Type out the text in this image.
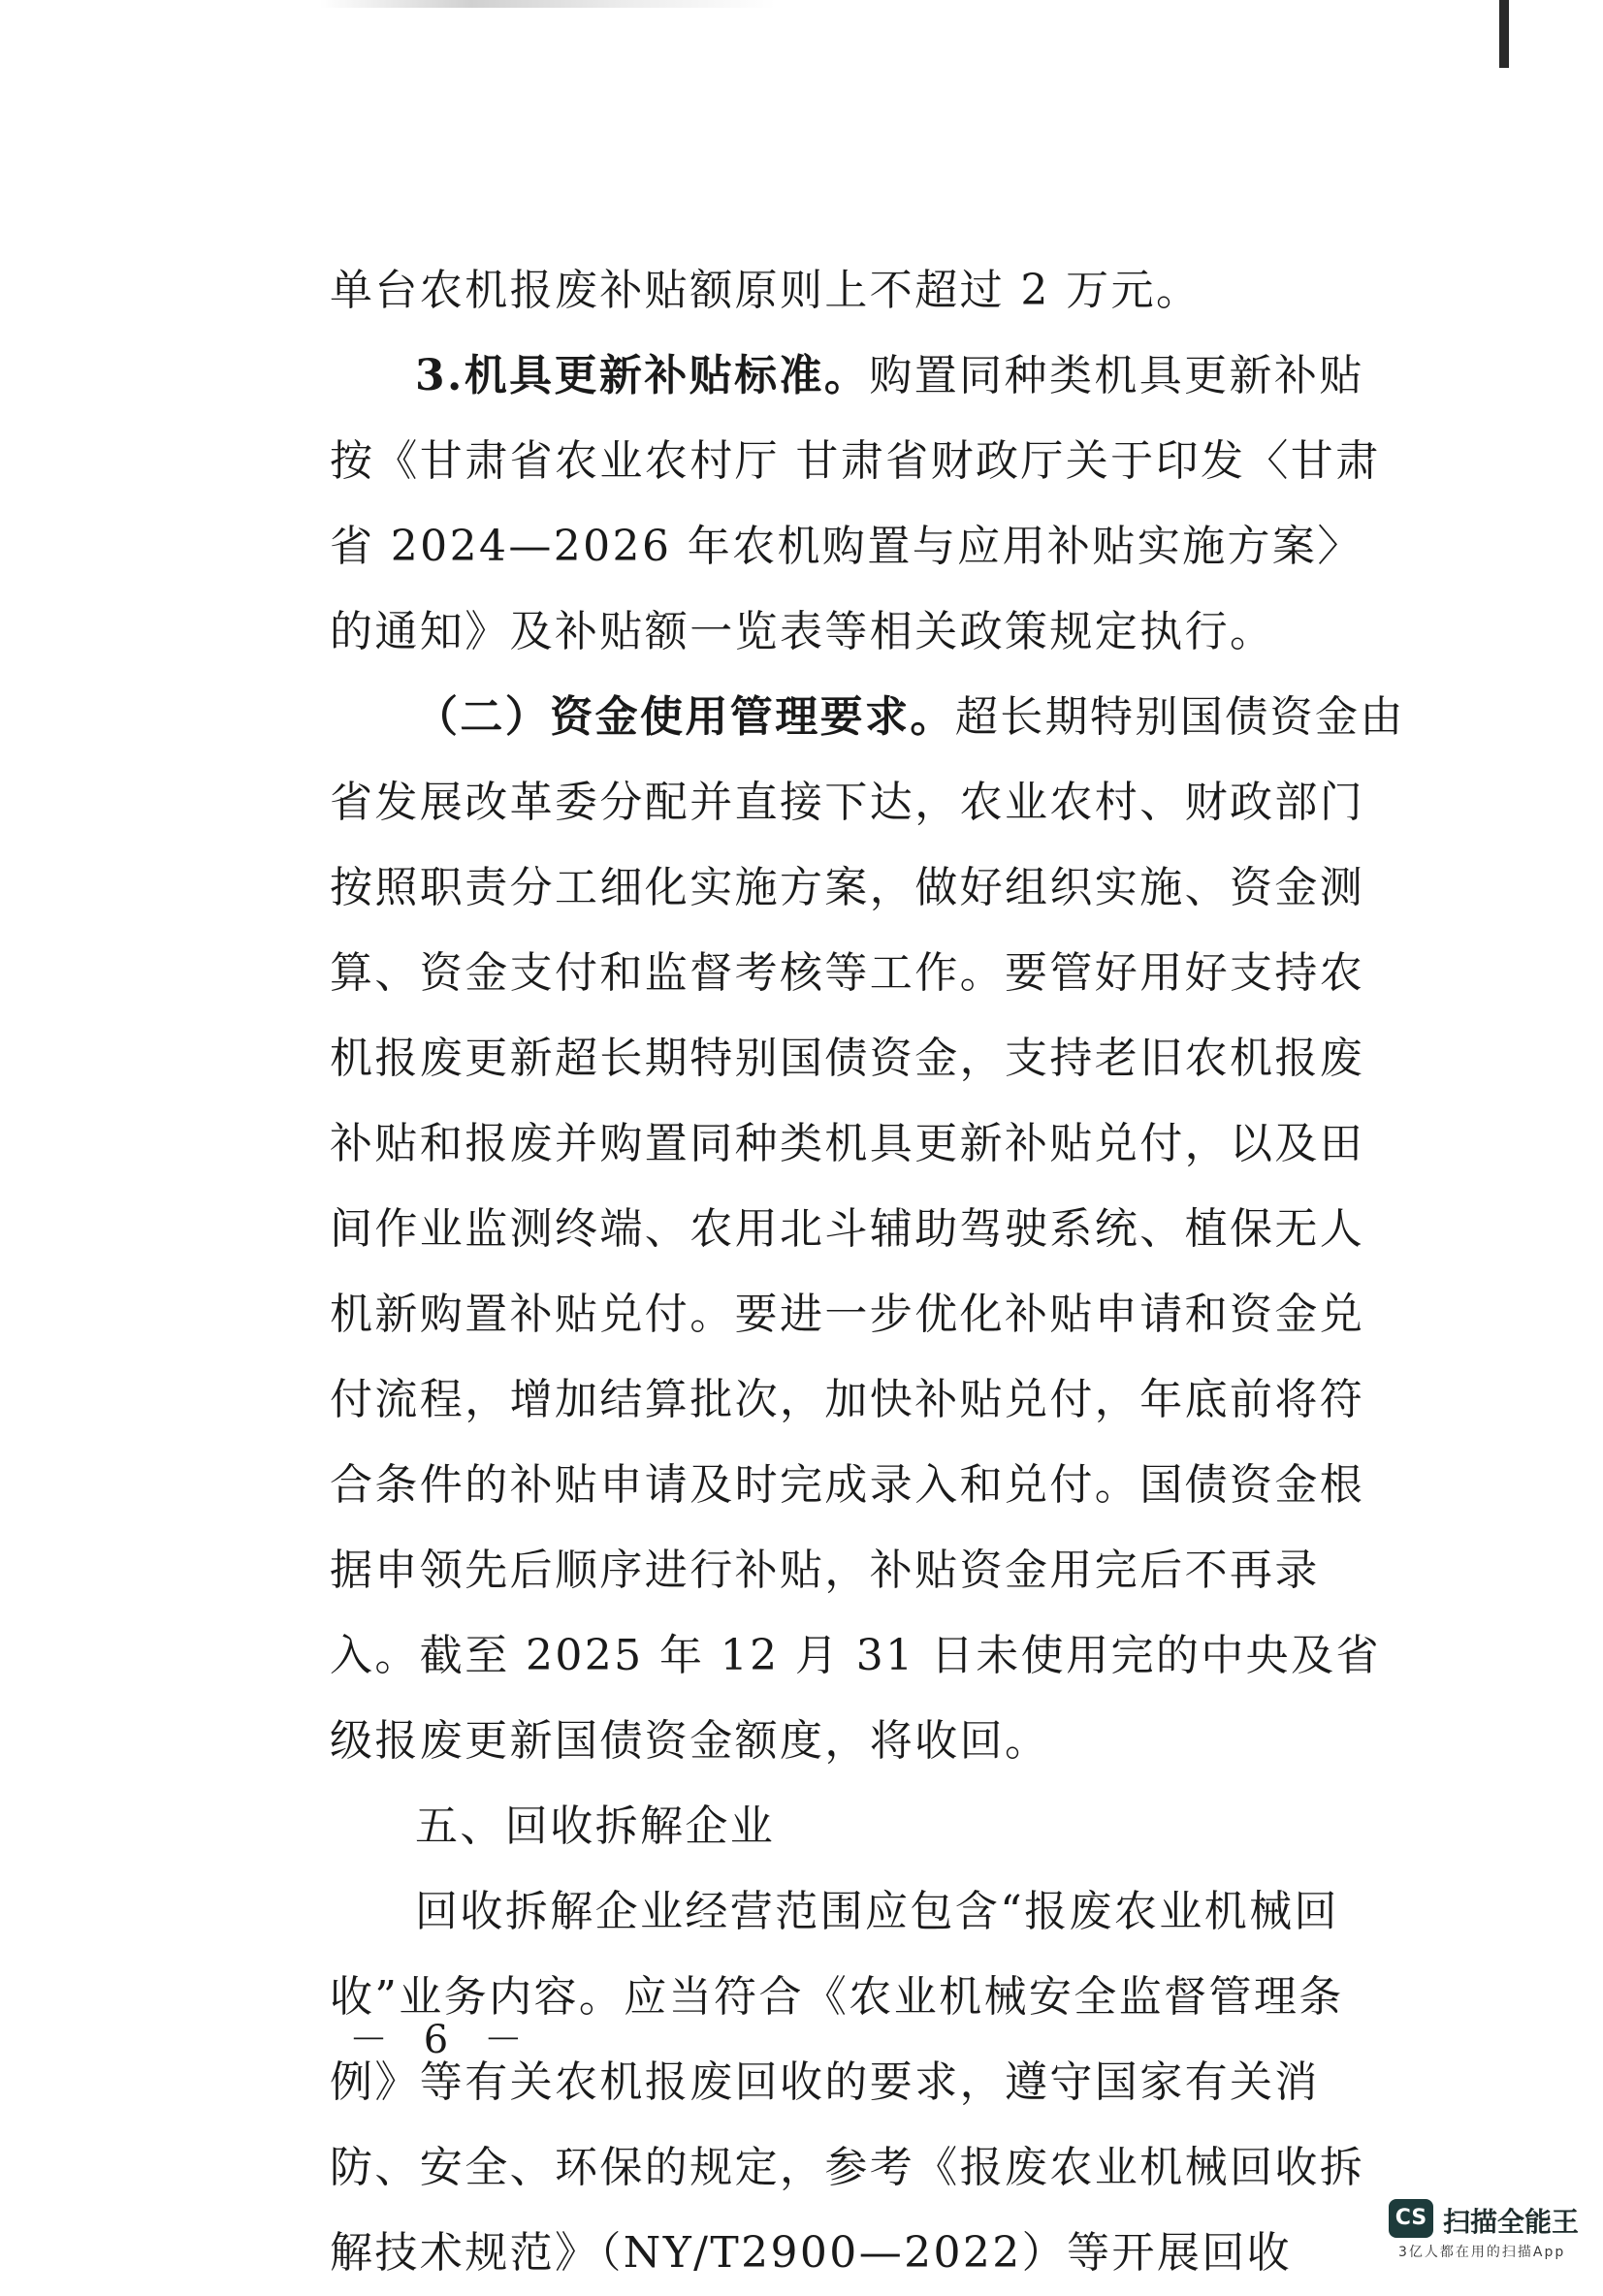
单台农机报废补贴额原则上不超过 2 万元。

3.机具更新补贴标准。购置同种类机具更新补贴按《甘肃省农业农村厅 甘肃省财政厅关于印发〈甘肃省 2024—2026 年农机购置与应用补贴实施方案〉的通知》及补贴额一览表等相关政策规定执行。

（二）资金使用管理要求。超长期特别国债资金由省发展改革委分配并直接下达，农业农村、财政部门按照职责分工细化实施方案，做好组织实施、资金测算、资金支付和监督考核等工作。要管好用好支持农机报废更新超长期特别国债资金，支持老旧农机报废补贴和报废并购置同种类机具更新补贴兑付，以及田间作业监测终端、农用北斗辅助驾驶系统、植保无人机新购置补贴兑付。要进一步优化补贴申请和资金兑付流程，增加结算批次，加快补贴兑付，年底前将符合条件的补贴申请及时完成录入和兑付。国债资金根据申领先后顺序进行补贴，补贴资金用完后不再录入。截至 2025 年 12 月 31 日未使用完的中央及省级报废更新国债资金额度，将收回。

五、回收拆解企业

回收拆解企业经营范围应包含“报废农业机械回收”业务内容。应当符合《农业机械安全监督管理条例》等有关农机报废回收的要求，遵守国家有关消防、安全、环保的规定，参考《报废农业机械回收拆解技术规范》（NY/T2900—2022）等开展回收

－ 6 －
CS 扫描全能王
3亿人都在用的扫描App
